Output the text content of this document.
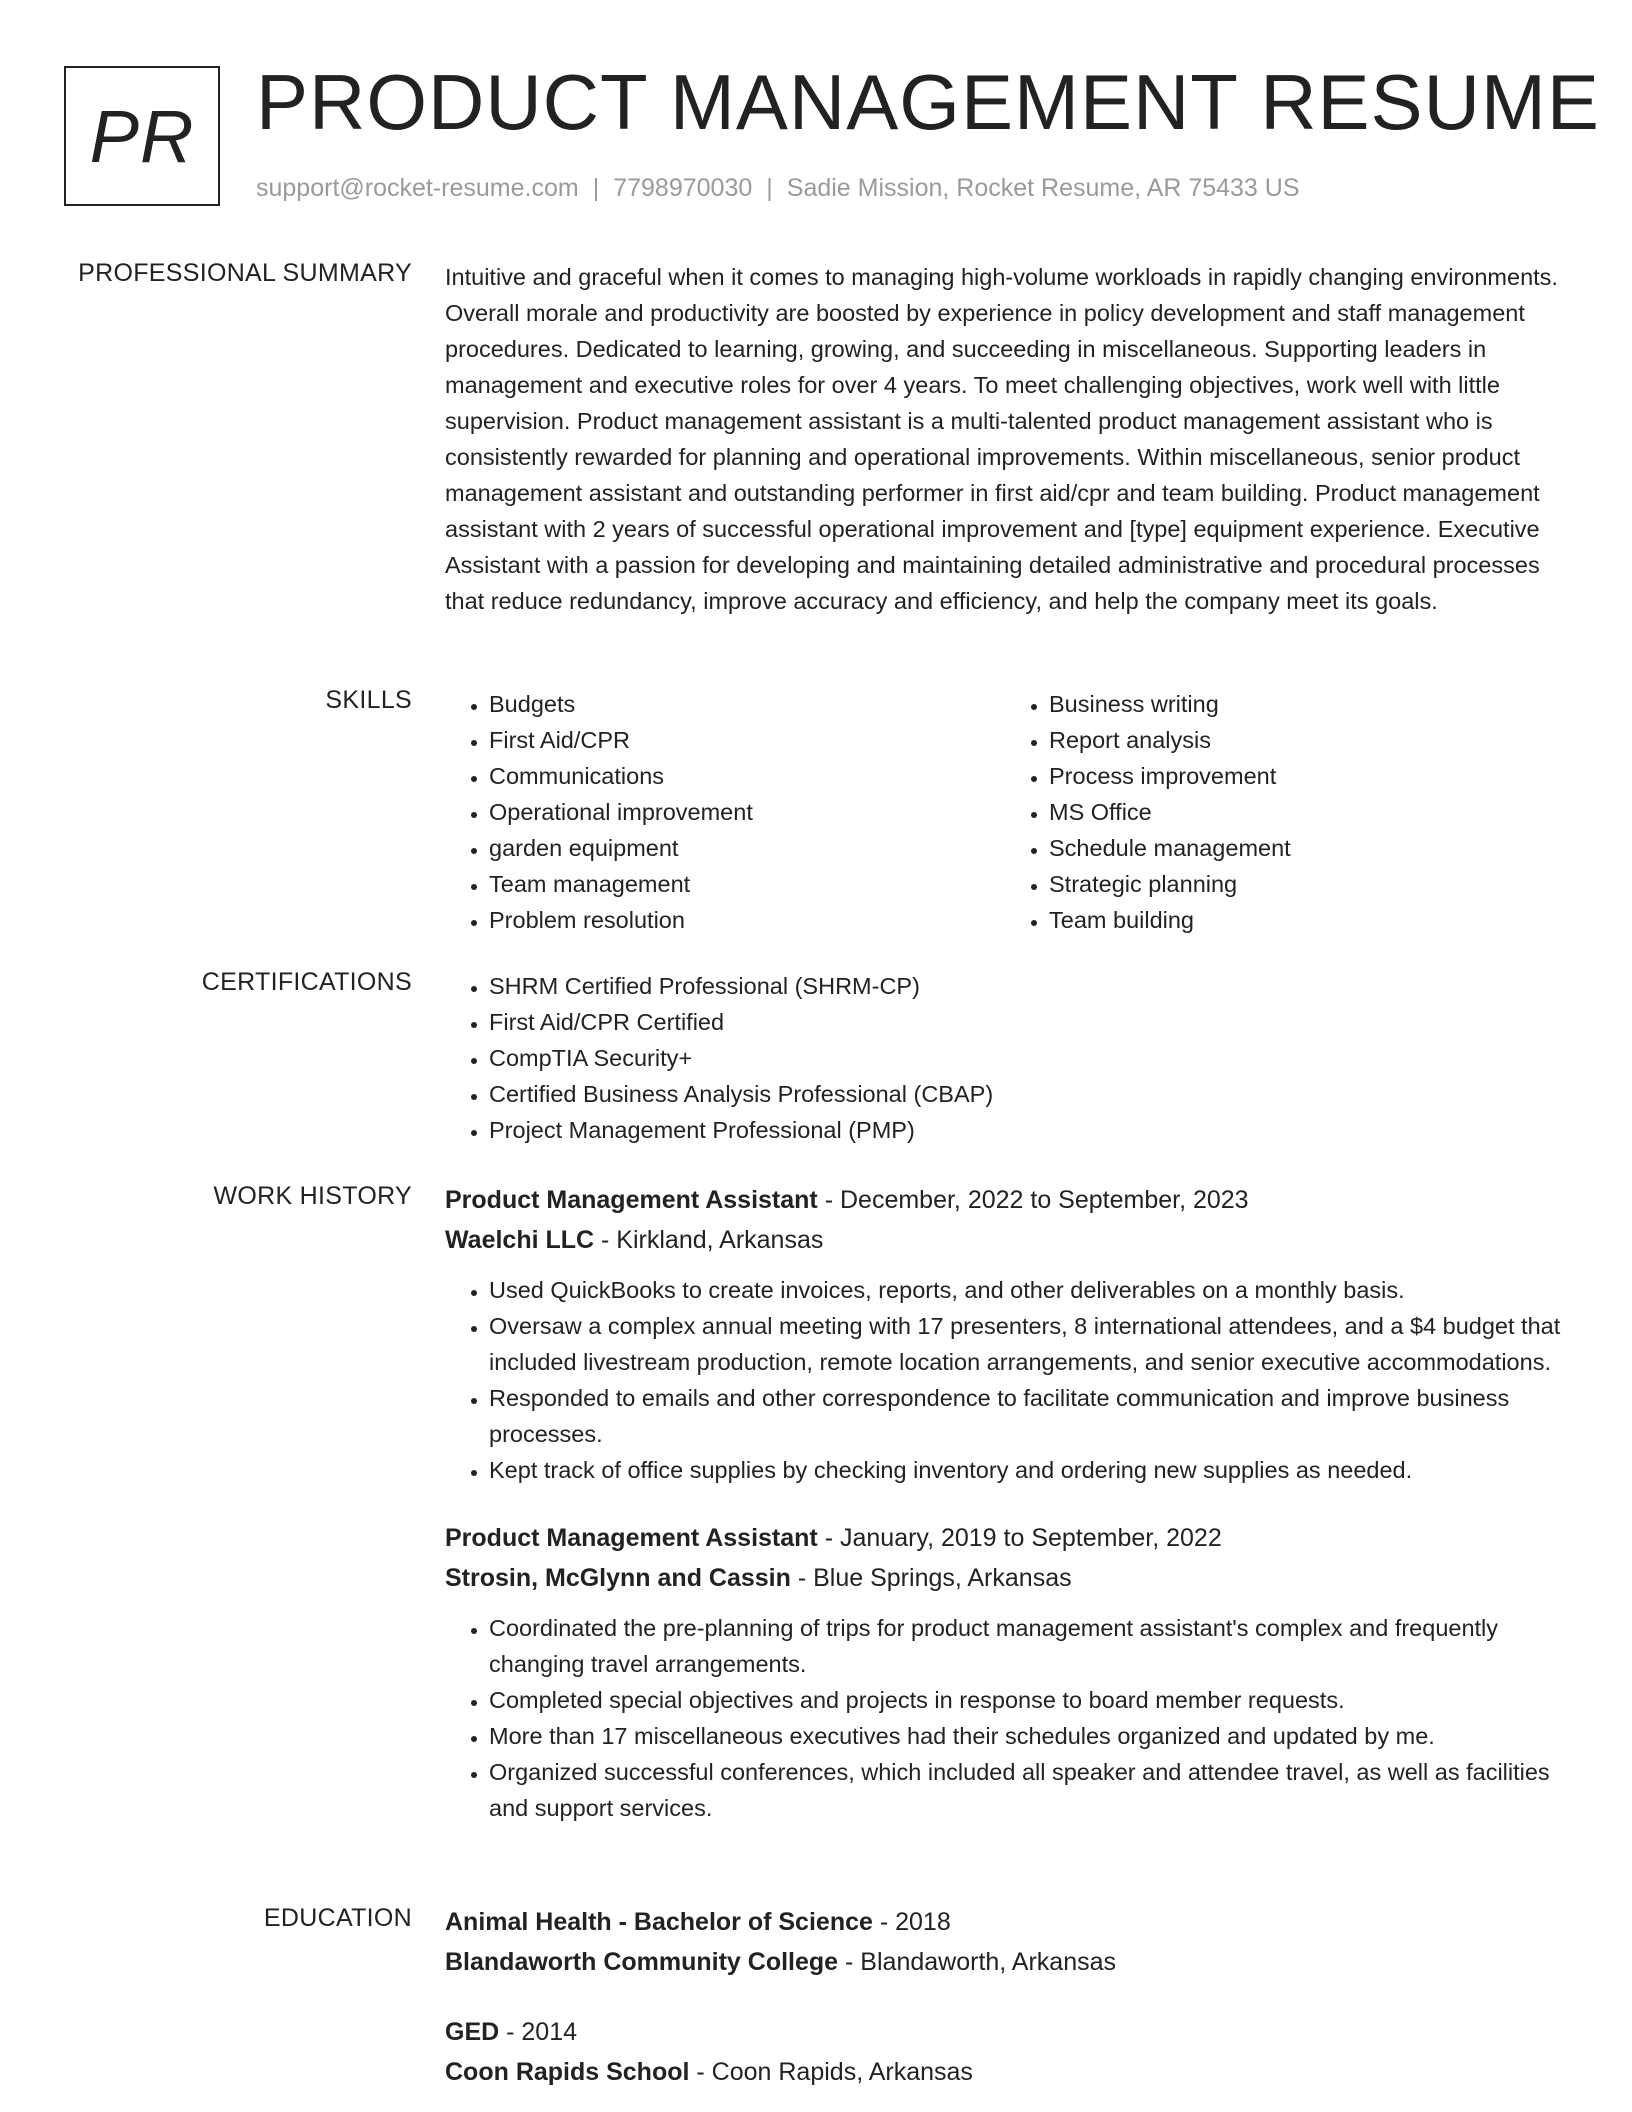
PR PRODUCT MANAGEMENT RESUME
support@rocket-resume.com | 7798970030 | Sadie Mission, Rocket Resume, AR 75433 US
PROFESSIONAL SUMMARY Intuitive and graceful when it comes to managing high-volume workloads in rapidly changing environments. Overall morale and productivity are boosted by experience in policy development and staff management procedures. Dedicated to learning, growing, and succeeding in miscellaneous. Supporting leaders in management and executive roles for over 4 years. To meet challenging objectives, work well with little supervision. Product management assistant is a multi-talented product management assistant who is consistently rewarded for planning and operational improvements. Within miscellaneous, senior product management assistant and outstanding performer in first aid/cpr and team building. Product management assistant with 2 years of successful operational improvement and [type] equipment experience. Executive Assistant with a passion for developing and maintaining detailed administrative and procedural processes that reduce redundancy, improve accuracy and efficiency, and help the company meet its goals.
SKILLS	• Budgets
• First Aid/CPR
• Communications
• Operational improvement
• garden equipment
• Team management
• Problem resolution
• Business writing
• Report analysis
• Process improvement
• MS Office
• Schedule management
• Strategic planning
• Team building
CERTIFICATIONS	• SHRM Certified Professional (SHRM-CP)
• First Aid/CPR Certified
• CompTIA Security+
• Certified Business Analysis Professional (CBAP)
• Project Management Professional (PMP)
WORK HISTORY Product Management Assistant - December, 2022 to September, 2023
Waelchi LLC - Kirkland, Arkansas
• Used QuickBooks to create invoices, reports, and other deliverables on a monthly basis.
• Oversaw a complex annual meeting with 17 presenters, 8 international attendees, and a $4 budget that included livestream production, remote location arrangements, and senior executive accommodations.
• Responded to emails and other correspondence to facilitate communication and improve business processes.
• Kept track of office supplies by checking inventory and ordering new supplies as needed.
Product Management Assistant - January, 2019 to September, 2022
Strosin, McGlynn and Cassin - Blue Springs, Arkansas
• Coordinated the pre-planning of trips for product management assistant's complex and frequently changing travel arrangements.
• Completed special objectives and projects in response to board member requests.
• More than 17 miscellaneous executives had their schedules organized and updated by me.
• Organized successful conferences, which included all speaker and attendee travel, as well as facilities and support services.
EDUCATION Animal Health - Bachelor of Science - 2018
Blandaworth Community College - Blandaworth, Arkansas
GED - 2014
Coon Rapids School - Coon Rapids, Arkansas
